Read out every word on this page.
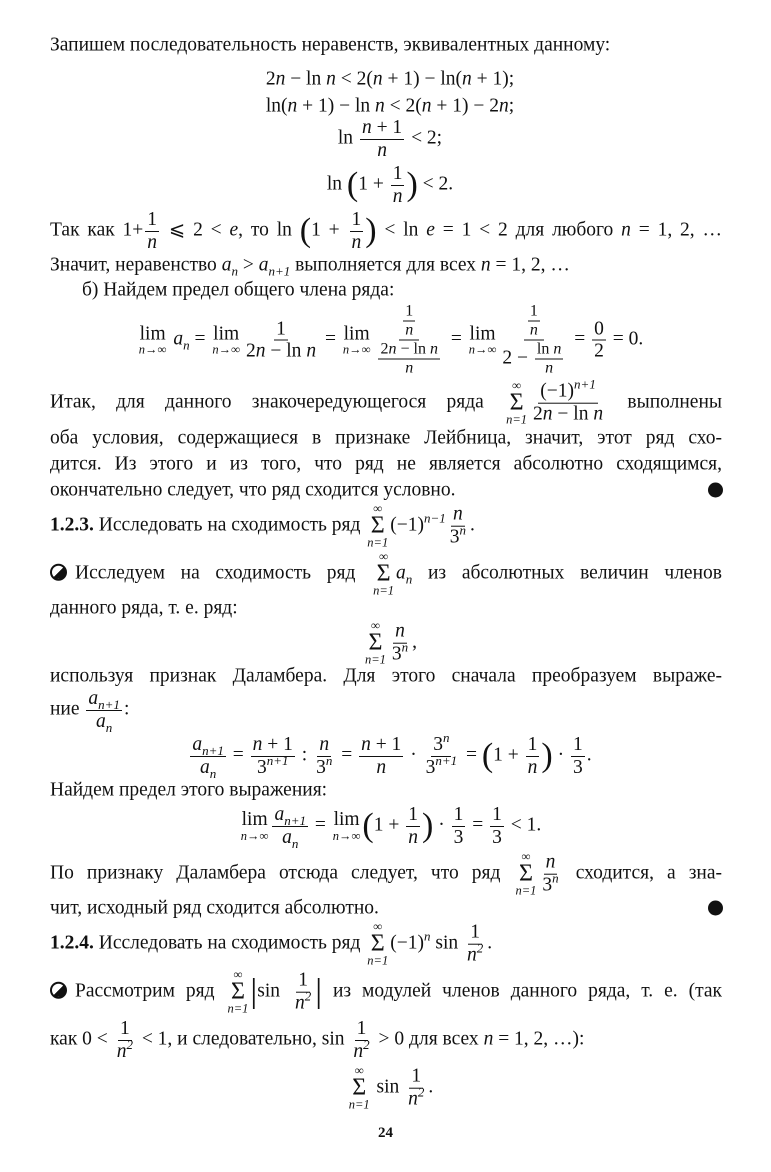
Запишем последовательность неравенств, эквивалентных данному:
2n − ln n < 2(n + 1) − ln(n + 1);
ln(n + 1) − ln n < 2(n + 1) − 2n;
$\ln \frac{n + 1}{n} < 2$;
$\ln (1 + \frac{1}{n}$ ) < 2.
Так как $1+ \frac{1}{n}$ ⩽ 2 < e, то $\ln (1 + \frac{1}{n}$ ) < ln e = 1 < 2 для любого n = 1, 2, …
Значит, неравенство $a_n > a_{n+1}$ выполняется для всех n = 1, 2, …
б) Найдем предел общего члена ряда:
lim
n→∞
$a_n = \lim$
$n\to\infty \frac{1}{\text{2n − ln n}} = \lim$
$n\to\infty \frac{\frac{1}{n}}{\frac{\text{2n − ln n}}{n}} = \lim$
$n\to\infty \frac{\frac{1}{n}}{2 - \frac{\text{ln n}}{n}} = \frac{0}{2} = 0$.
Итак, для данного знакочередующегося ряда
∞
Σ
$n=1 \frac{(-1)^{n+1}}{\text{2n − ln n}}$ выполнены
оба условия, содержащиеся в признаке Лейбница, значит, этот ряд схо-
дится. Из этого и из того, что ряд не является абсолютно сходящимся,
окончательно следует, что ряд сходится условно.
1.2.3. Исследовать на сходимость ряд
∞
Σ
n=1
$(-1)^{n-1} \frac{n}{3^n}$ .
Исследуем на сходимость ряд
∞
Σ
n=1
$a_n$ из абсолютных величин членов
данного ряда, т. е. ряд:
∞
Σ
$n=1 \frac{n}{3^n}$ ,
используя признак Даламбера. Для этого сначала преобразуем выраже-
ние $\frac{a_{n+1}}{a_n}$ :
$\frac{a_{n+1}}{a_n} = \frac{n + 1}{3^{n+1}}$ : $\frac{n}{3^n} = \frac{n + 1}{n} \cdot \frac{3^n}{3^{n+1}} = (1 + \frac{1}{n}$ ) · $\frac{1}{3}$ .
Найдем предел этого выражения:
lim
$n\to\infty \frac{a_{n+1}}{a_n} = \lim$
n→∞ ($1 + \frac{1}{n}$ ) · $\frac{1}{3} = \frac{1}{3} < 1$.
По признаку Даламбера отсюда следует, что ряд
∞
Σ
$n=1 \frac{n}{3^n}$ сходится, а зна-
чит, исходный ряд сходится абсолютно.
1.2.4. Исследовать на сходимость ряд
∞
Σ
n=1
$(-1)^n$ $\sin \frac{1}{n^2}$ .
Рассмотрим ряд
∞
Σ
n=1 $|\sin \frac{1}{n^2}$ | из модулей членов данного ряда, т. е. (так
как $0 < \frac{1}{n^2} < 1$, и следовательно, $\sin \frac{1}{n^2} > 0$ для всех n = 1, 2, …):
∞
Σ
n=1
$\sin \frac{1}{n^2}$ .
24
